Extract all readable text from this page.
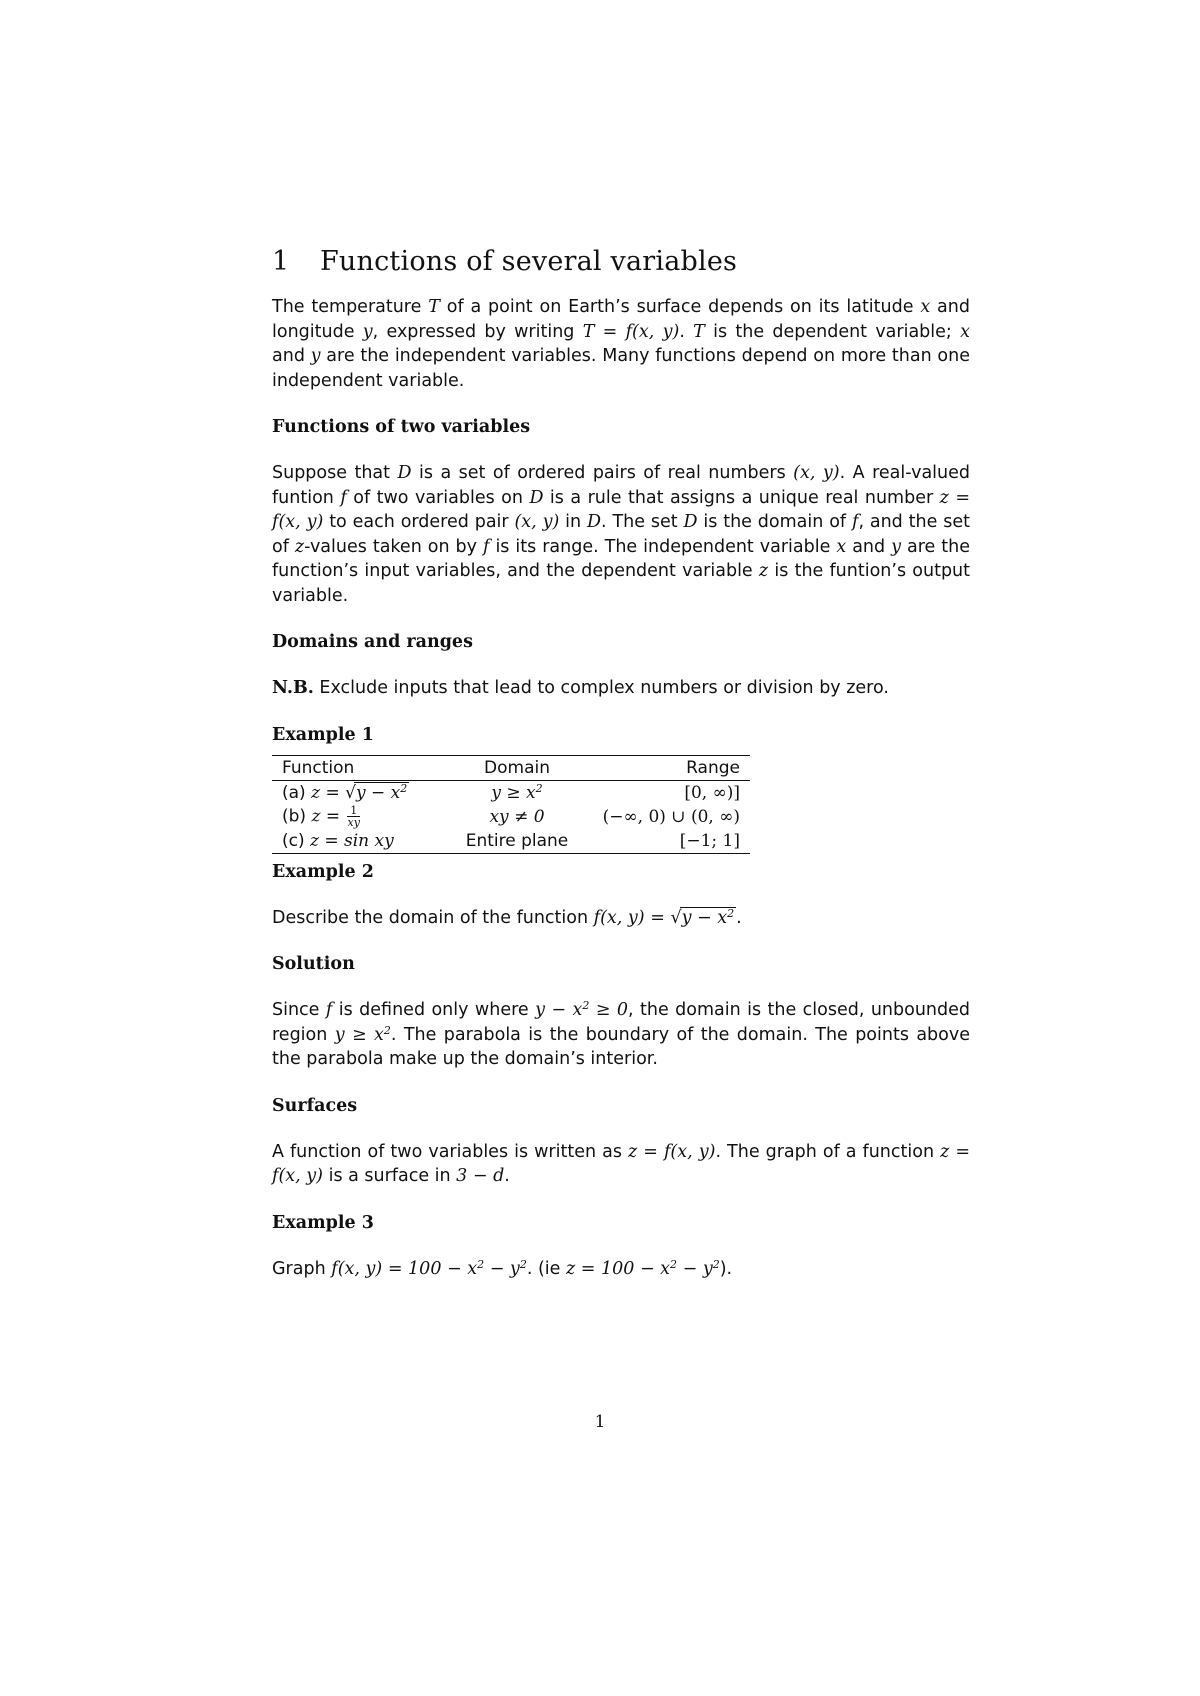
1 Functions of several variables

The temperature T of a point on Earth’s surface depends on its latitude x and longitude y, expressed by writing T = f(x, y). T is the dependent variable; x and y are the independent variables. Many functions depend on more than one independent variable.

Functions of two variables

Suppose that D is a set of ordered pairs of real numbers (x, y). A real-valued funtion f of two variables on D is a rule that assigns a unique real number z = f(x, y) to each ordered pair (x, y) in D. The set D is the domain of f, and the set of z-values taken on by f is its range. The independent variable x and y are the function’s input variables, and the dependent variable z is the funtion’s output variable.

Domains and ranges

N.B. Exclude inputs that lead to complex numbers or division by zero.

Example 1
Function	Domain	Range
(a) $z = √y - x^2$	$y \ge x^2$	[0, ∞)]
(b) $z = \frac{1}{xy}$	xy ≠ 0	(−∞, 0) ∪ (0, ∞)
(c) z = sin xy	Entire plane	[−1; 1]
Example 2

Describe the domain of the function f(x, $y) = √y - x^2$ .

Solution

Since f is defined only where $y - x^2 \ge 0$, the domain is the closed, unbounded region $y \ge x^2$. The parabola is the boundary of the domain. The points above the parabola make up the domain’s interior.

Surfaces

A function of two variables is written as z = f(x, y). The graph of a function z = f(x, y) is a surface in 3 − d.

Example 3

Graph f(x, $y) = 100 - x^2 - y^2$. (ie $z = 100 - x^2 - y^2$).

1
